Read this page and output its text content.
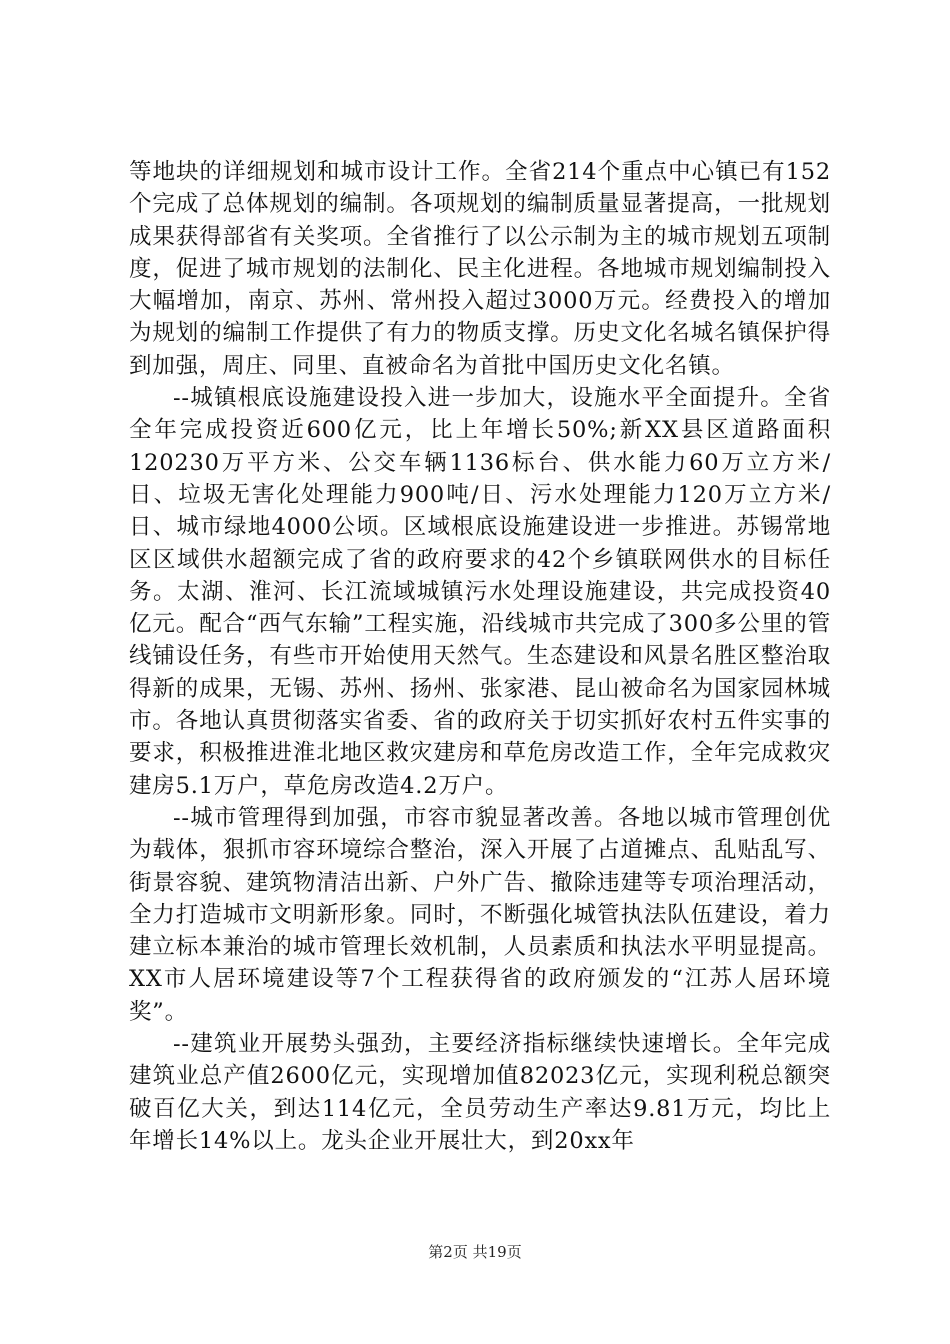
等地块的详细规划和城市设计工作。全省214个重点中心镇已有152个完成了总体规划的编制。各项规划的编制质量显著提高，一批规划成果获得部省有关奖项。全省推行了以公示制为主的城市规划五项制度，促进了城市规划的法制化、民主化进程。各地城市规划编制投入大幅增加，南京、苏州、常州投入超过3000万元。经费投入的增加为规划的编制工作提供了有力的物质支撑。历史文化名城名镇保护得到加强，周庄、同里、直被命名为首批中国历史文化名镇。

--城镇根底设施建设投入进一步加大，设施水平全面提升。全省全年完成投资近600亿元，比上年增长50%;新XX县区道路面积120230万平方米、公交车辆1136标台、供水能力60万立方米/日、垃圾无害化处理能力900吨/日、污水处理能力120万立方米/日、城市绿地4000公顷。区域根底设施建设进一步推进。苏锡常地区区域供水超额完成了省的政府要求的42个乡镇联网供水的目标任务。太湖、淮河、长江流域城镇污水处理设施建设，共完成投资40亿元。配合“西气东输”工程实施，沿线城市共完成了300多公里的管线铺设任务，有些市开始使用天然气。生态建设和风景名胜区整治取得新的成果，无锡、苏州、扬州、张家港、昆山被命名为国家园林城市。各地认真贯彻落实省委、省的政府关于切实抓好农村五件实事的要求，积极推进淮北地区救灾建房和草危房改造工作，全年完成救灾建房5.1万户，草危房改造4.2万户。

--城市管理得到加强，市容市貌显著改善。各地以城市管理创优为载体，狠抓市容环境综合整治，深入开展了占道摊点、乱贴乱写、街景容貌、建筑物清洁出新、户外广告、撤除违建等专项治理活动，全力打造城市文明新形象。同时，不断强化城管执法队伍建设，着力建立标本兼治的城市管理长效机制，人员素质和执法水平明显提高。XX市人居环境建设等7个工程获得省的政府颁发的“江苏人居环境奖”。

--建筑业开展势头强劲，主要经济指标继续快速增长。全年完成建筑业总产值2600亿元，实现增加值82023亿元，实现利税总额突破百亿大关，到达114亿元，全员劳动生产率达9.81万元，均比上年增长14%以上。龙头企业开展壮大，到20xx年

第2页 共19页
